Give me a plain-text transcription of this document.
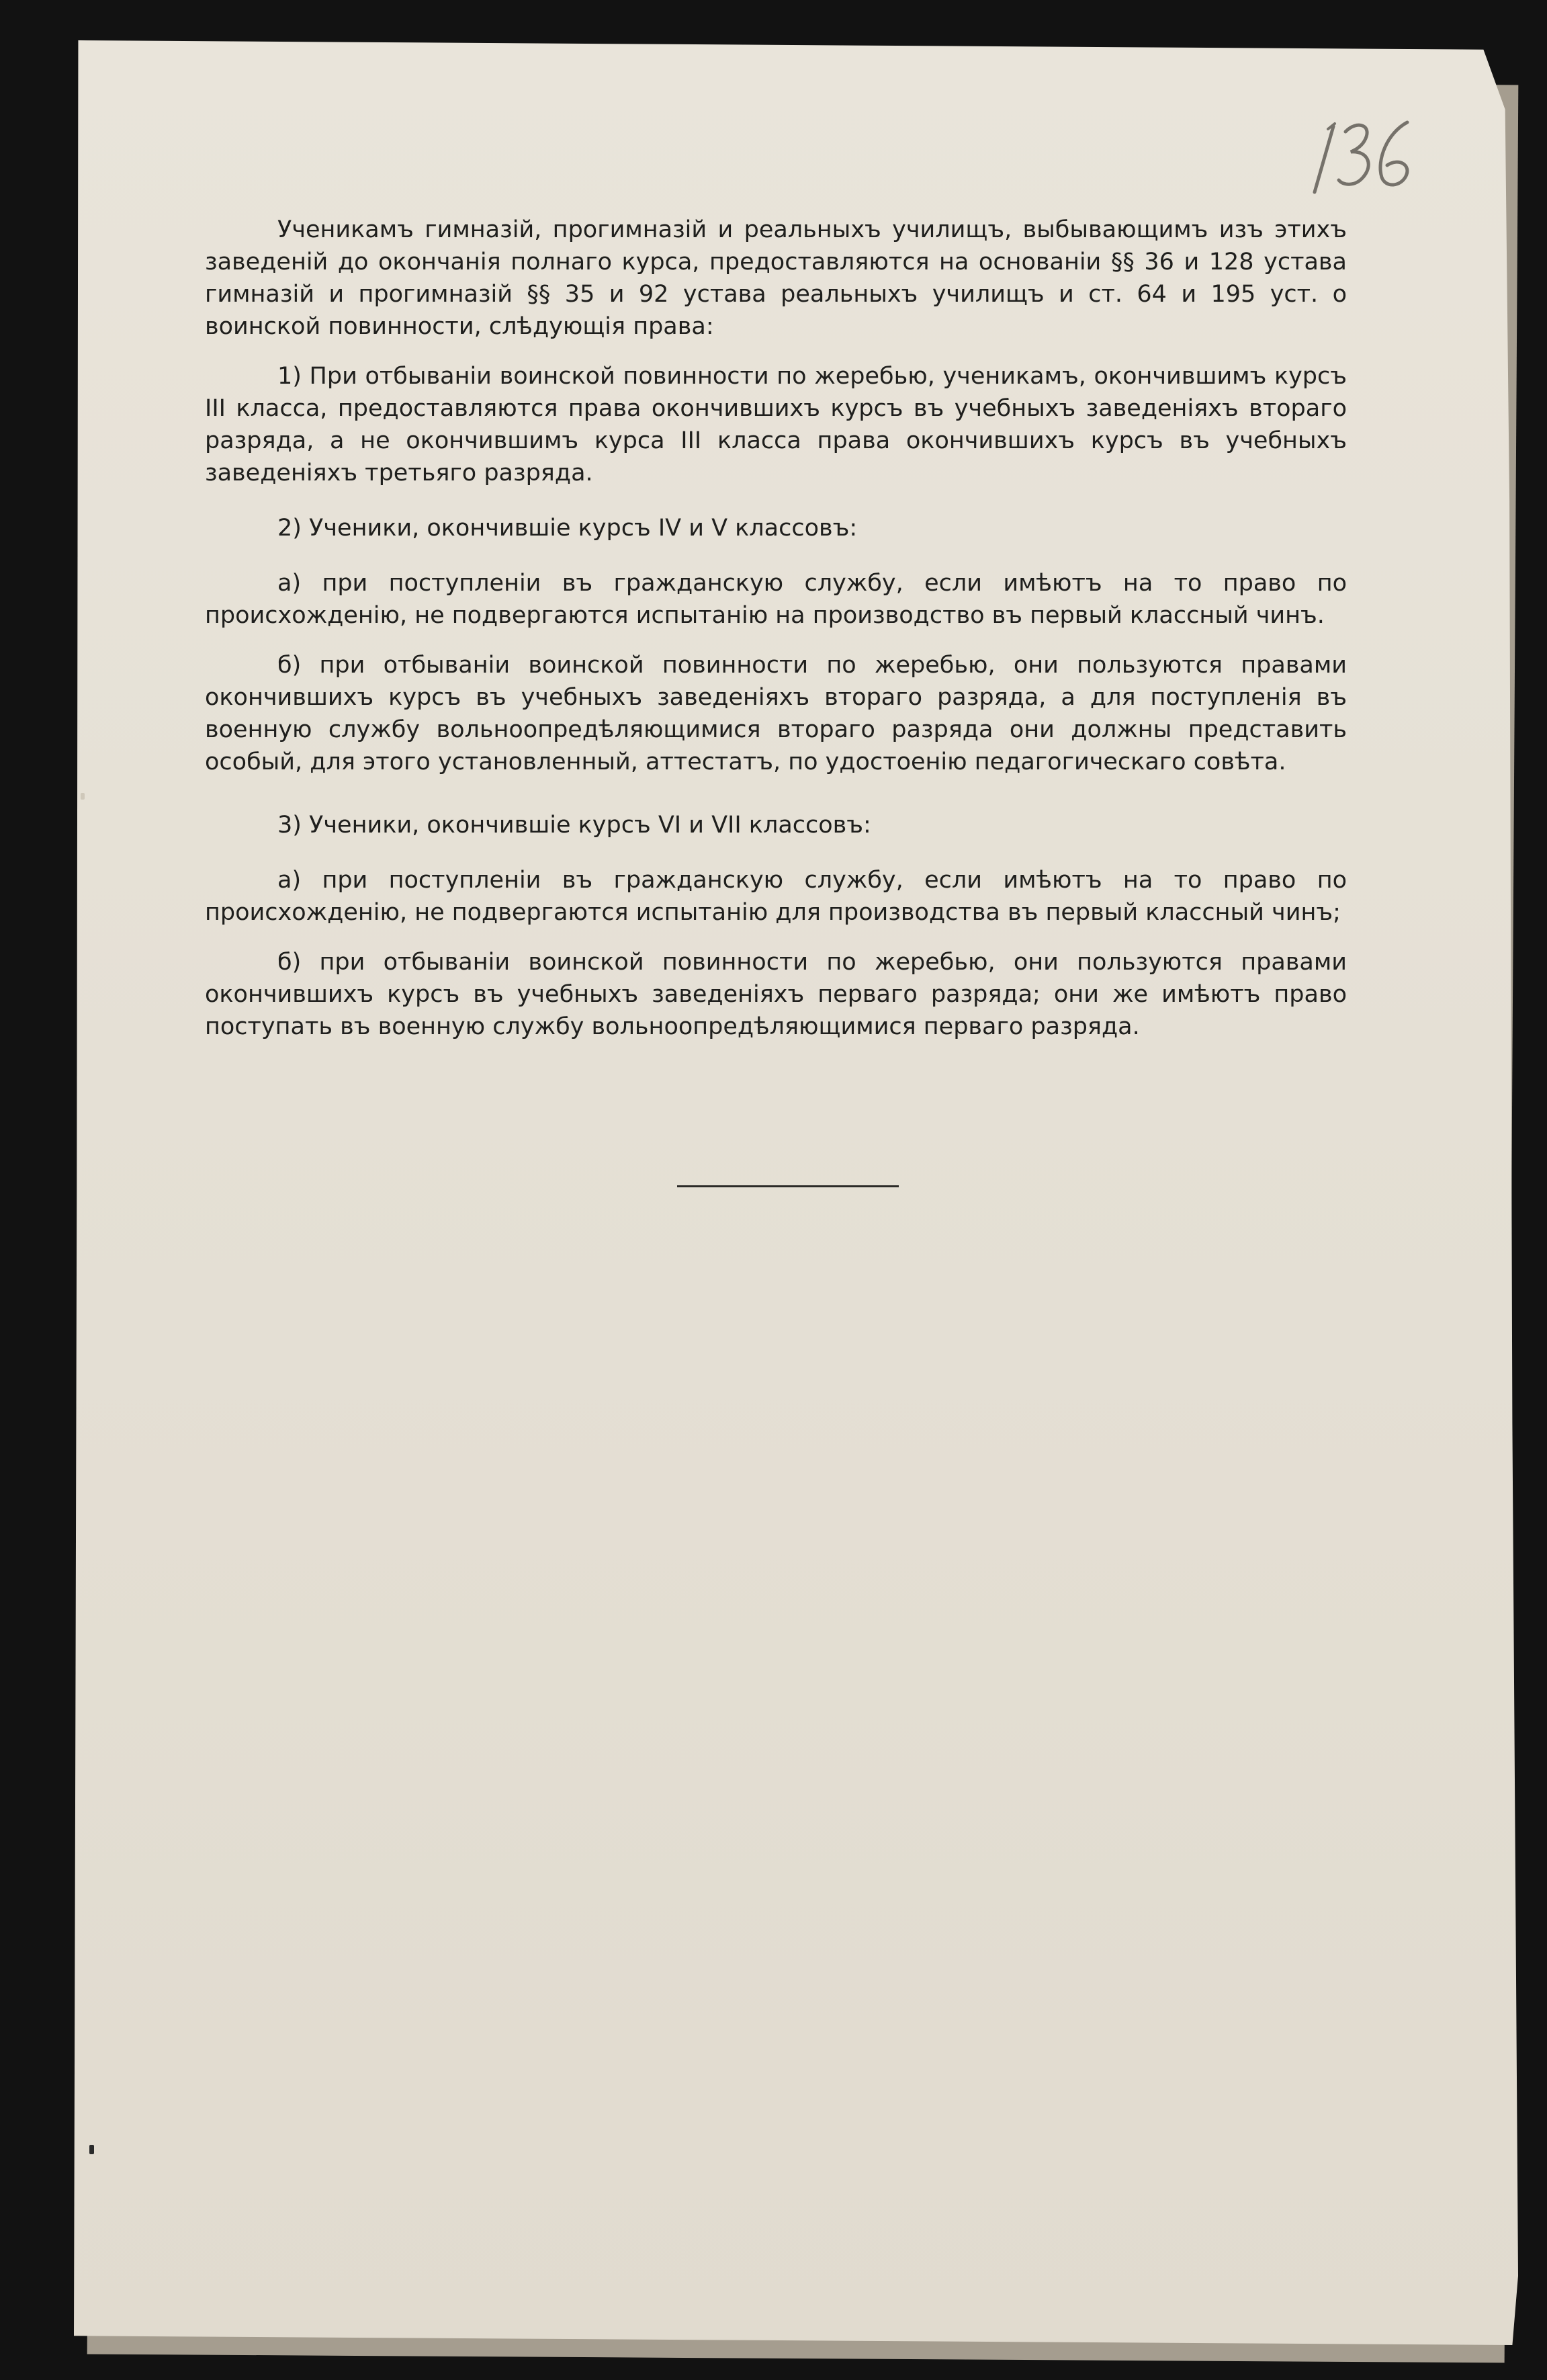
Ученикамъ гимназій, прогимназій и реальныхъ училищъ, выбывающимъ изъ этихъ заведеній до окончанія полнаго курса, предоставляются на основаніи §§ 36 и 128 устава гимназій и прогимназій §§ 35 и 92 устава реальныхъ училищъ и ст. 64 и 195 уст. о воинской повинности, слѣдующія права:

1) При отбываніи воинской повинности по жеребью, ученикамъ, окончившимъ курсъ III класса, предоставляются права окончившихъ курсъ въ учебныхъ заведеніяхъ втораго разряда, а не окончившимъ курса III класса права окончившихъ курсъ въ учебныхъ заведеніяхъ третьяго разряда.

2) Ученики, окончившіе курсъ IV и V классовъ:

а) при поступленіи въ гражданскую службу, если имѣютъ на то право по происхожденію, не подвергаются испытанію на производство въ первый классный чинъ.

б) при отбываніи воинской повинности по жеребью, они пользуются правами окончившихъ курсъ въ учебныхъ заведеніяхъ втораго разряда, а для поступленія въ военную службу вольноопредѣляющимися втораго разряда они должны представить особый, для этого установленный, аттестатъ, по удостоенію педагогическаго совѣта.

3) Ученики, окончившіе курсъ VI и VII классовъ:

а) при поступленіи въ гражданскую службу, если имѣютъ на то право по происхожденію, не подвергаются испытанію для производства въ первый классный чинъ;

б) при отбываніи воинской повинности по жеребью, они пользуются правами окончившихъ курсъ въ учебныхъ заведеніяхъ перваго разряда; они же имѣютъ право поступать въ военную службу вольноопредѣляющимися перваго разряда.
